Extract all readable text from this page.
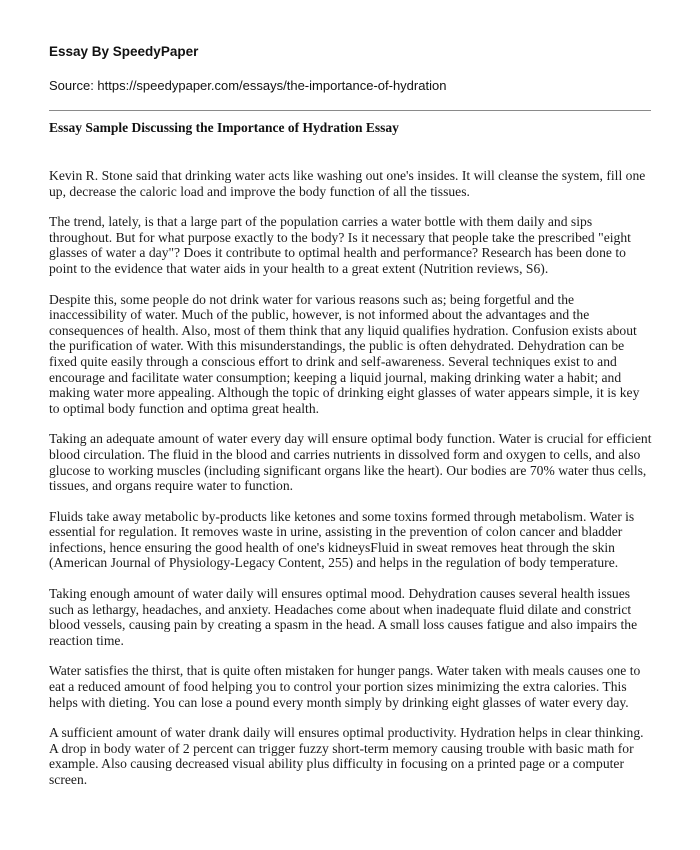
Essay By SpeedyPaper

Source: https://speedypaper.com/essays/the-importance-of-hydration

Essay Sample Discussing the Importance of Hydration Essay

Kevin R. Stone said that drinking water acts like washing out one's insides. It will cleanse the system, fill one up, decrease the caloric load and improve the body function of all the tissues.

The trend, lately, is that a large part of the population carries a water bottle with them daily and sips throughout. But for what purpose exactly to the body? Is it necessary that people take the prescribed "eight glasses of water a day"? Does it contribute to optimal health and performance? Research has been done to point to the evidence that water aids in your health to a great extent (Nutrition reviews, S6).

Despite this, some people do not drink water for various reasons such as; being forgetful and the inaccessibility of water. Much of the public, however, is not informed about the advantages and the consequences of health. Also, most of them think that any liquid qualifies hydration. Confusion exists about the purification of water. With this misunderstandings, the public is often dehydrated. Dehydration can be fixed quite easily through a conscious effort to drink and self-awareness. Several techniques exist to and encourage and facilitate water consumption; keeping a liquid journal, making drinking water a habit; and making water more appealing. Although the topic of drinking eight glasses of water appears simple, it is key to optimal body function and optima great health.

Taking an adequate amount of water every day will ensure optimal body function. Water is crucial for efficient blood circulation. The fluid in the blood and carries nutrients in dissolved form and oxygen to cells, and also glucose to working muscles (including significant organs like the heart). Our bodies are 70% water thus cells, tissues, and organs require water to function.

Fluids take away metabolic by-products like ketones and some toxins formed through metabolism. Water is essential for regulation. It removes waste in urine, assisting in the prevention of colon cancer and bladder infections, hence ensuring the good health of one's kidneysFluid in sweat removes heat through the skin (American Journal of Physiology-Legacy Content, 255) and helps in the regulation of body temperature.

Taking enough amount of water daily will ensures optimal mood. Dehydration causes several health issues such as lethargy, headaches, and anxiety. Headaches come about when inadequate fluid dilate and constrict blood vessels, causing pain by creating a spasm in the head. A small loss causes fatigue and also impairs the reaction time.

Water satisfies the thirst, that is quite often mistaken for hunger pangs. Water taken with meals causes one to eat a reduced amount of food helping you to control your portion sizes minimizing the extra calories. This helps with dieting. You can lose a pound every month simply by drinking eight glasses of water every day.

A sufficient amount of water drank daily will ensures optimal productivity. Hydration helps in clear thinking. A drop in body water of 2 percent can trigger fuzzy short-term memory causing trouble with basic math for example. Also causing decreased visual ability plus difficulty in focusing on a printed page or a computer screen.
